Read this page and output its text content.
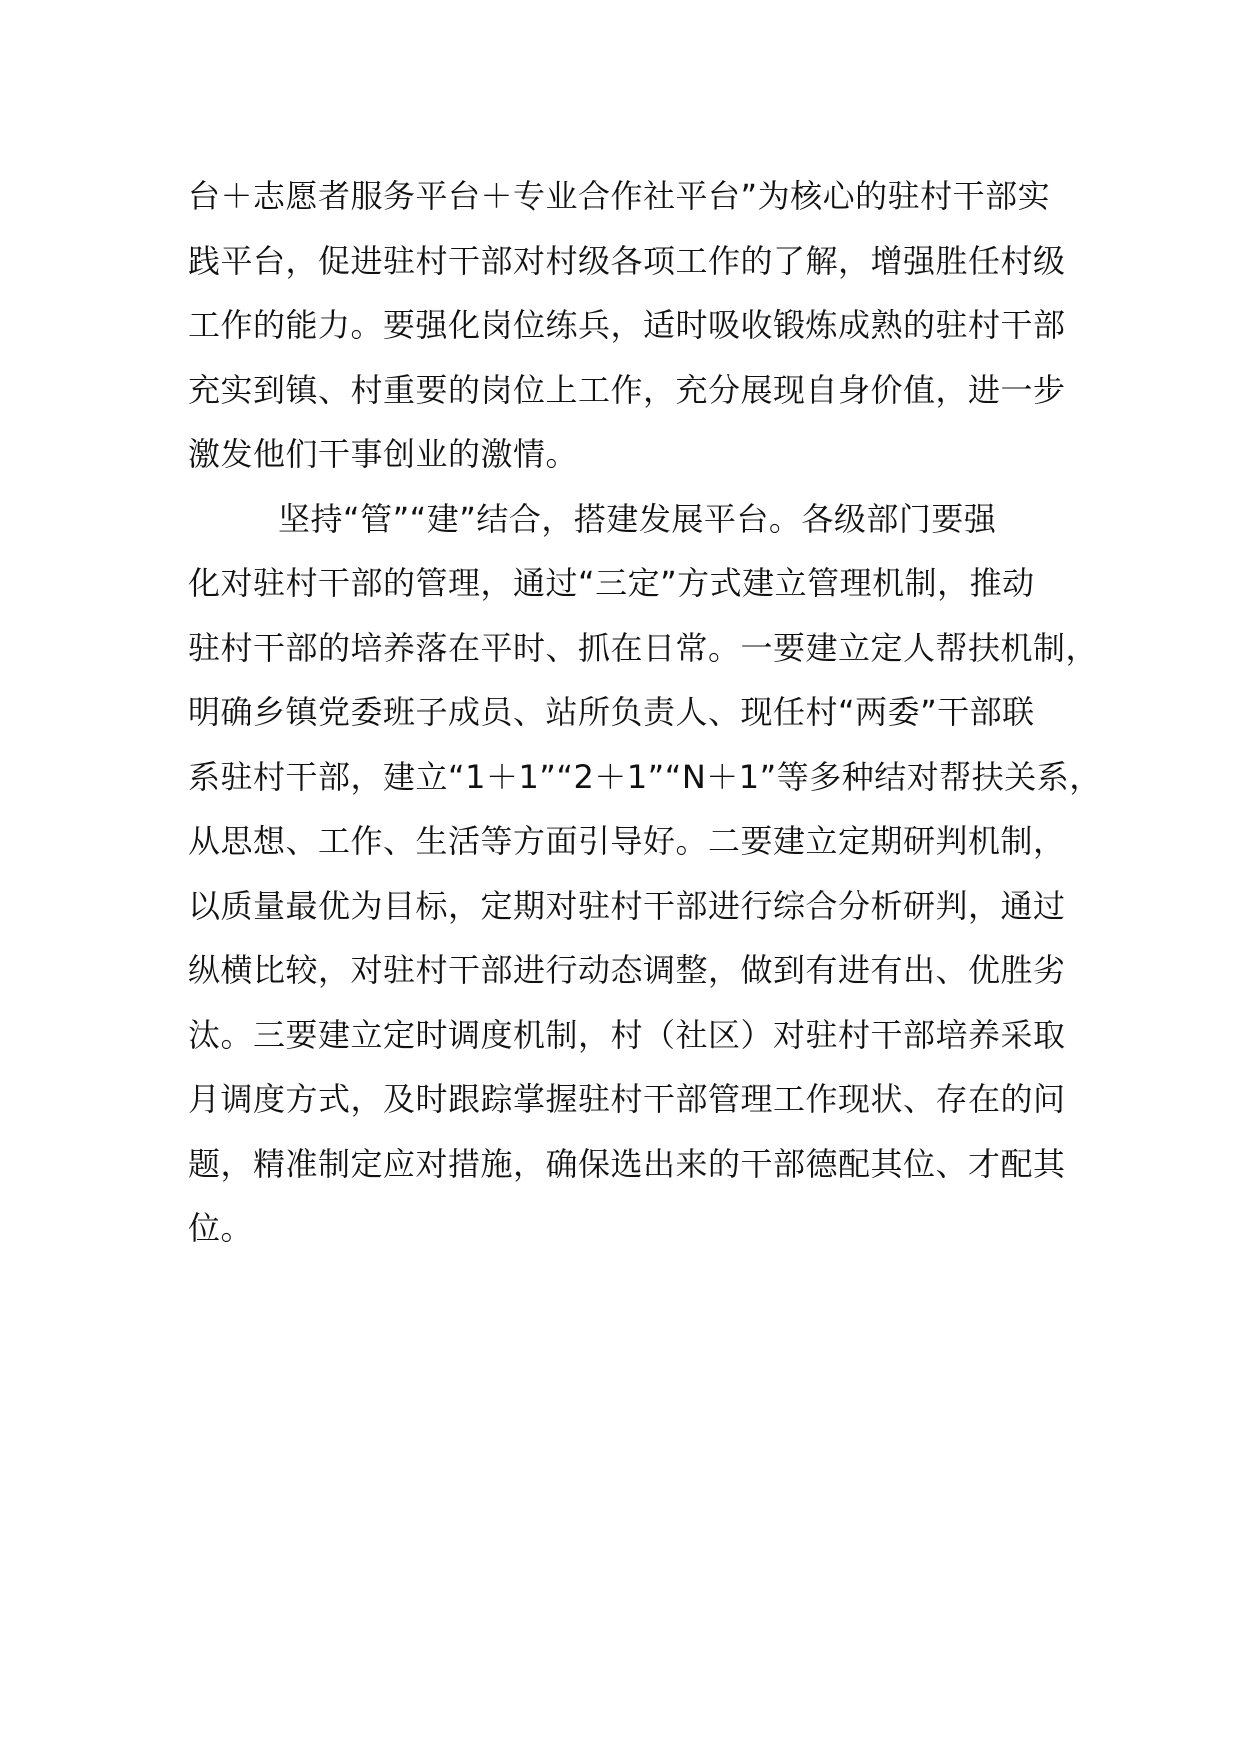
台＋志愿者服务平台＋专业合作社平台”为核心的驻村干部实
践平台，促进驻村干部对村级各项工作的了解，增强胜任村级
工作的能力。要强化岗位练兵，适时吸收锻炼成熟的驻村干部
充实到镇、村重要的岗位上工作，充分展现自身价值，进一步
激发他们干事创业的激情。
坚持“管”“建”结合，搭建发展平台。各级部门要强
化对驻村干部的管理，通过“三定”方式建立管理机制，推动
驻村干部的培养落在平时、抓在日常。一要建立定人帮扶机制，
明确乡镇党委班子成员、站所负责人、现任村“两委”干部联
系驻村干部，建立“1＋1”“2＋1”“N＋1”等多种结对帮扶关系，
从思想、工作、生活等方面引导好。二要建立定期研判机制，
以质量最优为目标，定期对驻村干部进行综合分析研判，通过
纵横比较，对驻村干部进行动态调整，做到有进有出、优胜劣
汰。三要建立定时调度机制，村（社区）对驻村干部培养采取
月调度方式，及时跟踪掌握驻村干部管理工作现状、存在的问
题，精准制定应对措施，确保选出来的干部德配其位、才配其
位。
